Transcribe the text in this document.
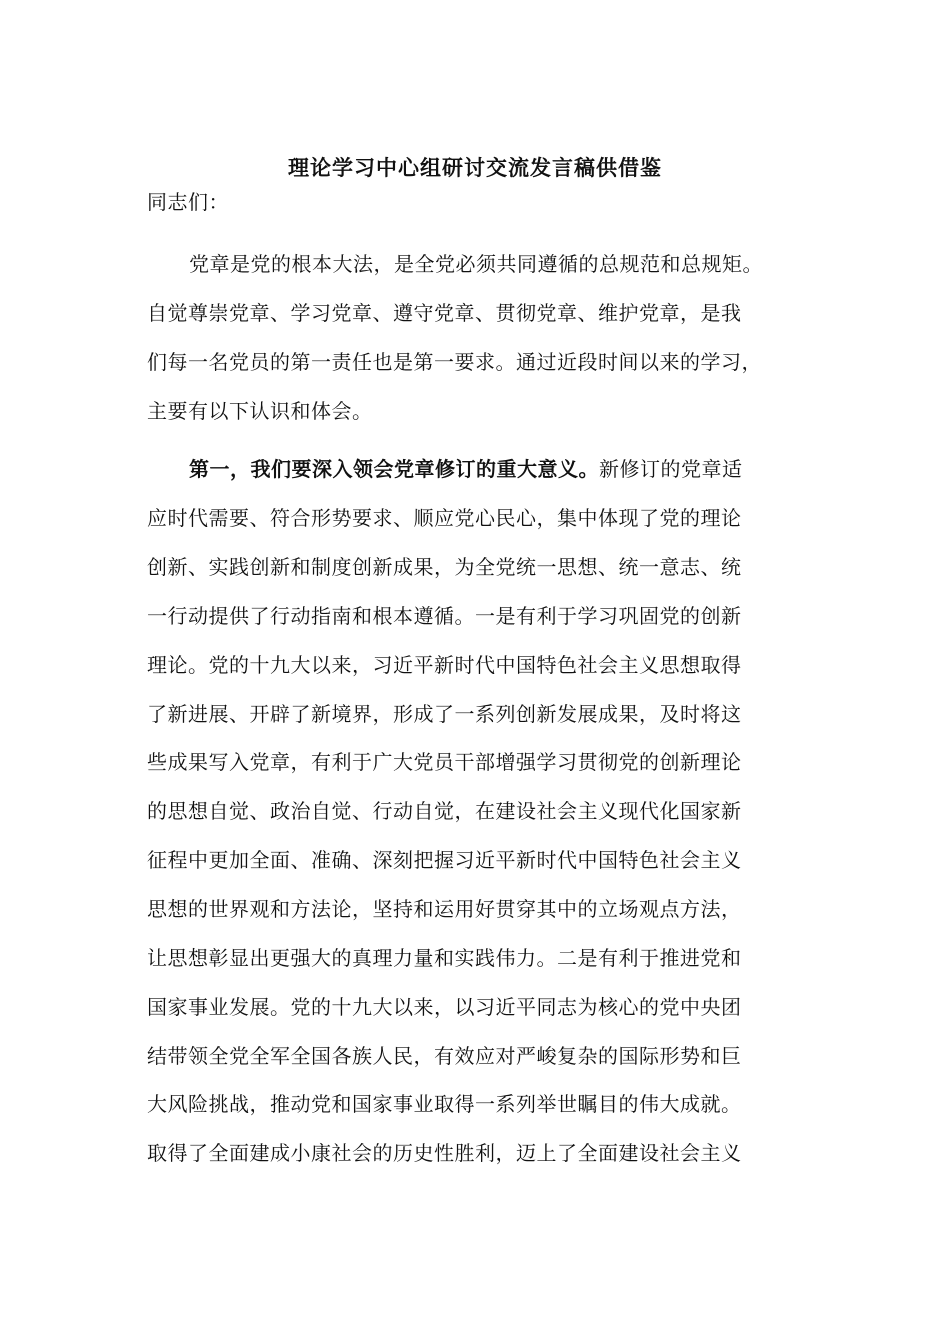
理论学习中心组研讨交流发言稿供借鉴
同志们：
党章是党的根本大法，是全党必须共同遵循的总规范和总规矩。
自觉尊崇党章、学习党章、遵守党章、贯彻党章、维护党章，是我
们每一名党员的第一责任也是第一要求。通过近段时间以来的学习，
主要有以下认识和体会。
第一，我们要深入领会党章修订的重大意义。新修订的党章适
应时代需要、符合形势要求、顺应党心民心，集中体现了党的理论
创新、实践创新和制度创新成果，为全党统一思想、统一意志、统
一行动提供了行动指南和根本遵循。一是有利于学习巩固党的创新
理论。党的十九大以来，习近平新时代中国特色社会主义思想取得
了新进展、开辟了新境界，形成了一系列创新发展成果，及时将这
些成果写入党章，有利于广大党员干部增强学习贯彻党的创新理论
的思想自觉、政治自觉、行动自觉，在建设社会主义现代化国家新
征程中更加全面、准确、深刻把握习近平新时代中国特色社会主义
思想的世界观和方法论，坚持和运用好贯穿其中的立场观点方法，
让思想彰显出更强大的真理力量和实践伟力。二是有利于推进党和
国家事业发展。党的十九大以来，以习近平同志为核心的党中央团
结带领全党全军全国各族人民，有效应对严峻复杂的国际形势和巨
大风险挑战，推动党和国家事业取得一系列举世瞩目的伟大成就。
取得了全面建成小康社会的历史性胜利，迈上了全面建设社会主义
